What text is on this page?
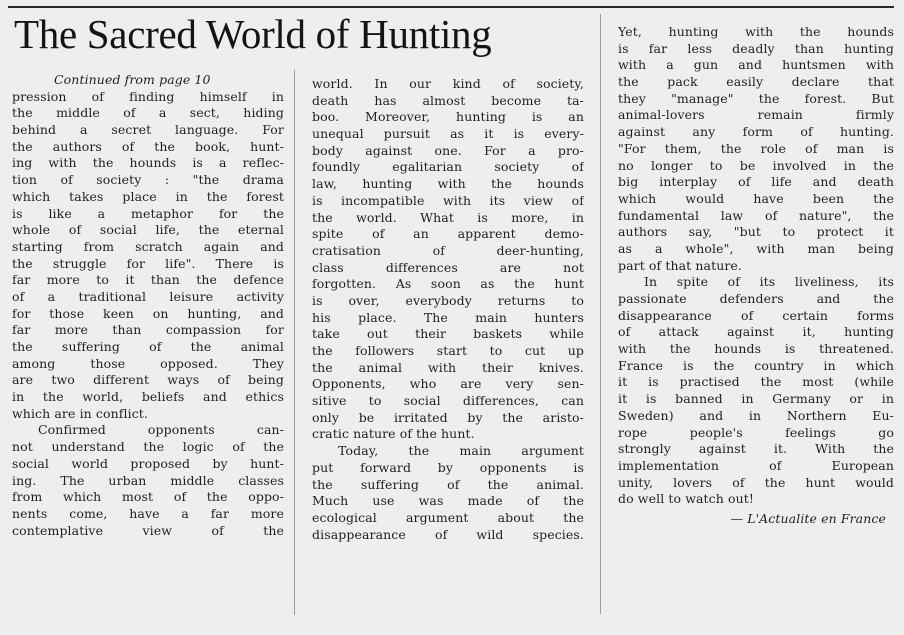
The Sacred World of Hunting
Continued from page 10
pression of finding himself in
the middle of a sect, hiding
behind a secret language. For
the authors of the book, hunt-
ing with the hounds is a reflec-
tion of society : "the drama
which takes place in the forest
is like a metaphor for the
whole of social life, the eternal
starting from scratch again and
the struggle for life". There is
far more to it than the defence
of a traditional leisure activity
for those keen on hunting, and
far more than compassion for
the suffering of the animal
among those opposed. They
are two different ways of being
in the world, beliefs and ethics
which are in conflict.
Confirmed opponents can-
not understand the logic of the
social world proposed by hunt-
ing. The urban middle classes
from which most of the oppo-
nents come, have a far more
contemplative view of the
world. In our kind of society,
death has almost become ta-
boo. Moreover, hunting is an
unequal pursuit as it is every-
body against one. For a pro-
foundly egalitarian society of
law, hunting with the hounds
is incompatible with its view of
the world. What is more, in
spite of an apparent demo-
cratisation of deer-hunting,
class differences are not
forgotten. As soon as the hunt
is over, everybody returns to
his place. The main hunters
take out their baskets while
the followers start to cut up
the animal with their knives.
Opponents, who are very sen-
sitive to social differences, can
only be irritated by the aristo-
cratic nature of the hunt.
Today, the main argument
put forward by opponents is
the suffering of the animal.
Much use was made of the
ecological argument about the
disappearance of wild species.
Yet, hunting with the hounds
is far less deadly than hunting
with a gun and huntsmen with
the pack easily declare that
they "manage" the forest. But
animal-lovers remain firmly
against any form of hunting.
"For them, the role of man is
no longer to be involved in the
big interplay of life and death
which would have been the
fundamental law of nature", the
authors say, "but to protect it
as a whole", with man being
part of that nature.
In spite of its liveliness, its
passionate defenders and the
disappearance of certain forms
of attack against it, hunting
with the hounds is threatened.
France is the country in which
it is practised the most (while
it is banned in Germany or in
Sweden) and in Northern Eu-
rope people's feelings go
strongly against it. With the
implementation of European
unity, lovers of the hunt would
do well to watch out!
— L'Actualite en France
